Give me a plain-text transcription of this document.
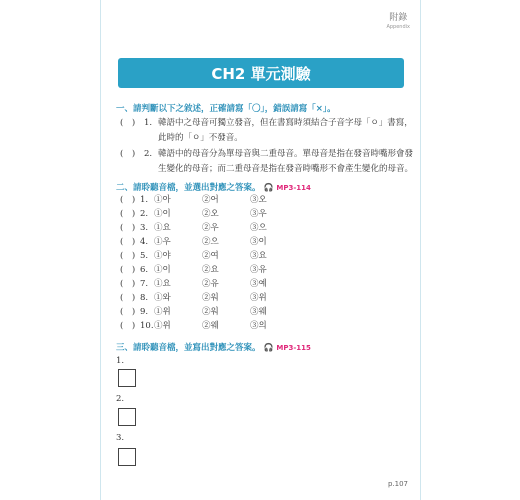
附錄
Appendix
CH2 單元測驗
一、請判斷以下之敘述，正確請寫「〇」，錯誤請寫「×」。
(　) 1. 韓語中之母音可獨立發音，但在書寫時須結合子音字母「ㅇ」書寫，
此時的「ㅇ」不發音。
(　) 2. 韓語中的母音分為單母音與二重母音。單母音是指在發音時嘴形會發
生變化的母音；而二重母音是指在發音時嘴形不會產生變化的母音。
二、請聆聽音檔，並選出對應之答案。 🎧 MP3-114
(　) 1. ①아	②어	③오
(　) 2. ①이	②오	③우
(　) 3. ①요	②우	③으
(　) 4. ①우	②으	③이
(　) 5. ①야	②여	③요
(　) 6. ①이	②요	③유
(　) 7. ①요	②유	③예
(　) 8. ①와	②워	③위
(　) 9. ①위	②워	③웨
(　) 10. ①위	②웨	③의
三、請聆聽音檔，並寫出對應之答案。 🎧 MP3-115
1.
2.
3.
p.107
